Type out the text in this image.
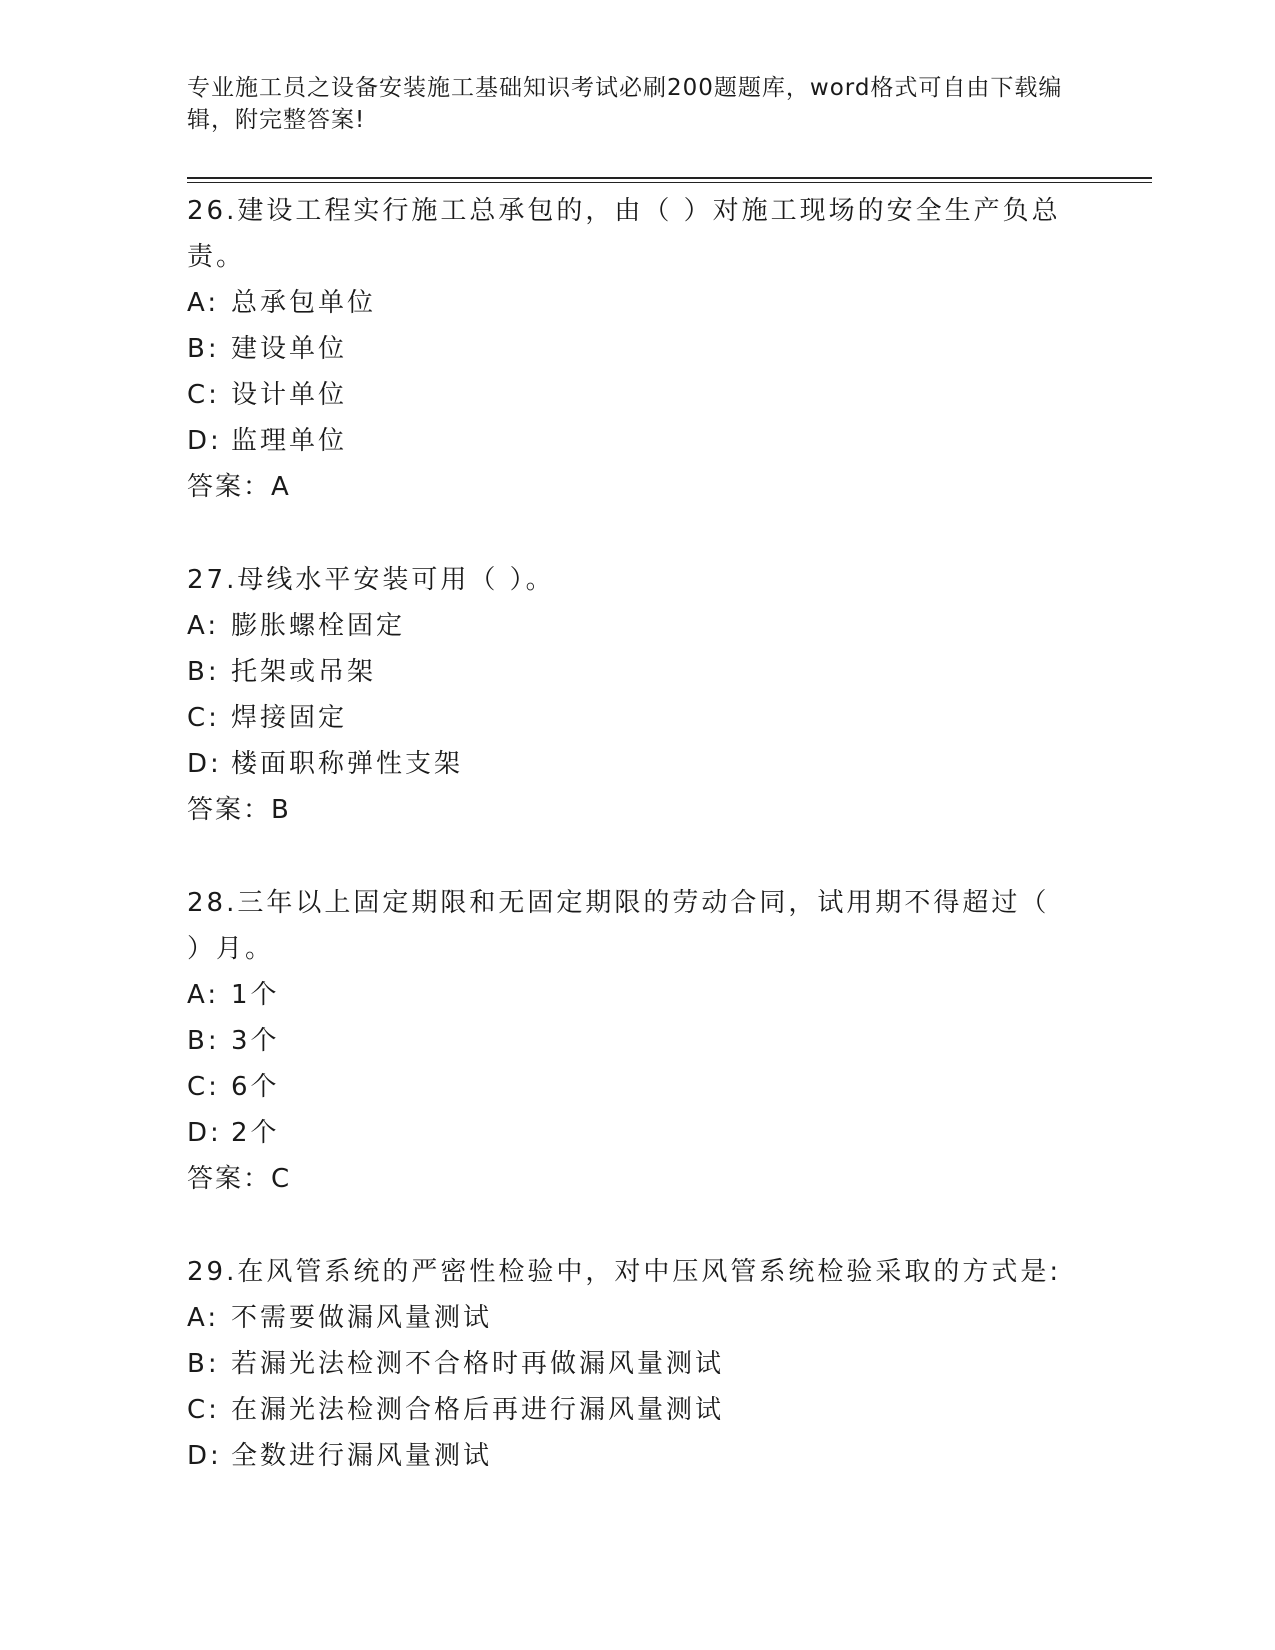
专业施工员之设备安装施工基础知识考试必刷200题题库，word格式可自由下载编辑，附完整答案!
26.建设工程实行施工总承包的，由（ ）对施工现场的安全生产负总责。
A: 总承包单位
B: 建设单位
C: 设计单位
D: 监理单位
答案：A
27.母线水平安装可用（ ）。
A: 膨胀螺栓固定
B: 托架或吊架
C: 焊接固定
D: 楼面职称弹性支架
答案：B
28.三年以上固定期限和无固定期限的劳动合同，试用期不得超过（ ）月。
A: 1个
B: 3个
C: 6个
D: 2个
答案：C
29.在风管系统的严密性检验中，对中压风管系统检验采取的方式是:
A: 不需要做漏风量测试
B: 若漏光法检测不合格时再做漏风量测试
C: 在漏光法检测合格后再进行漏风量测试
D: 全数进行漏风量测试
